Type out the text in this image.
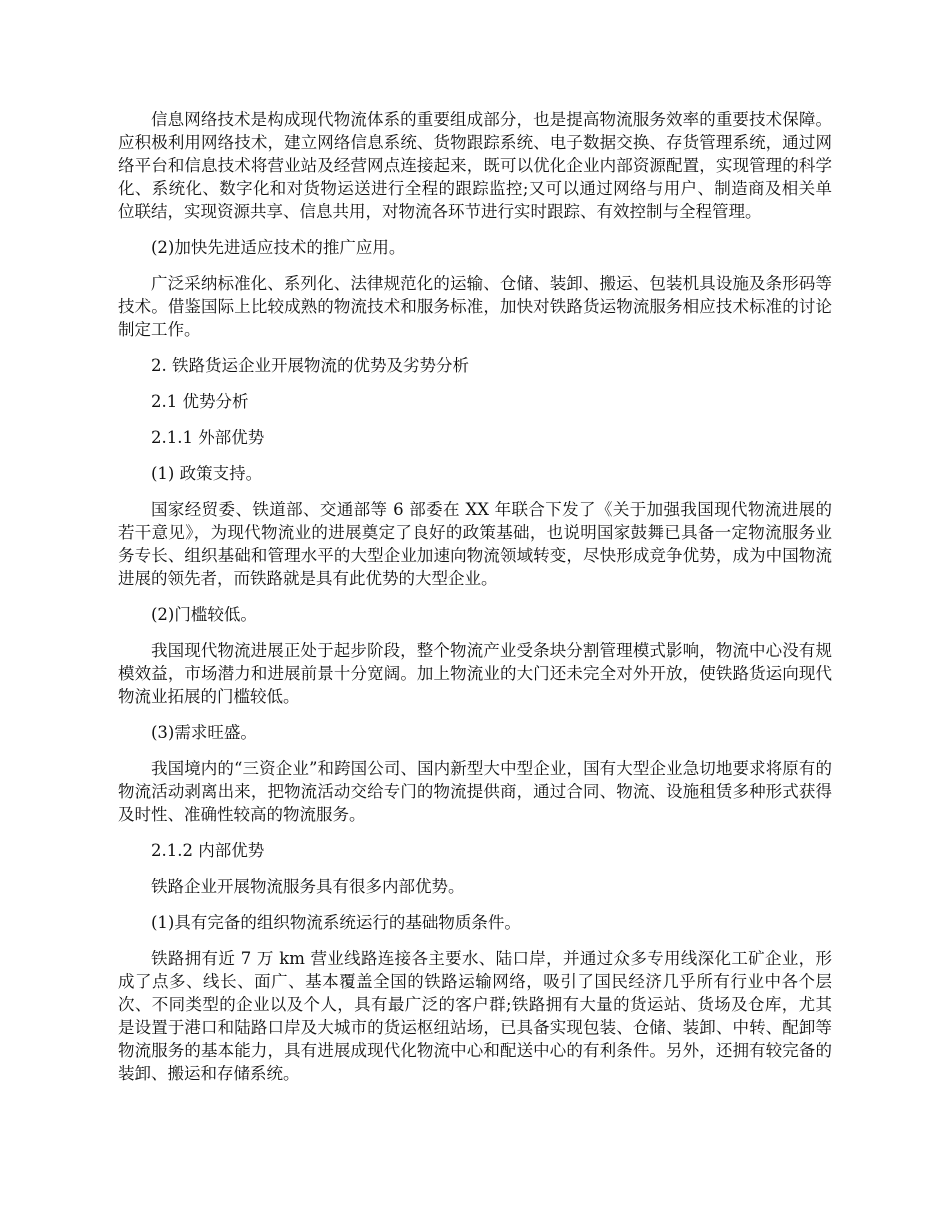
信息网络技术是构成现代物流体系的重要组成部分，也是提高物流服务效率的重要技术保障。应积极利用网络技术，建立网络信息系统、货物跟踪系统、电子数据交换、存货管理系统，通过网络平台和信息技术将营业站及经营网点连接起来，既可以优化企业内部资源配置，实现管理的科学化、系统化、数字化和对货物运送进行全程的跟踪监控;又可以通过网络与用户、制造商及相关单位联结，实现资源共享、信息共用，对物流各环节进行实时跟踪、有效控制与全程管理。

(2)加快先进适应技术的推广应用。

广泛采纳标准化、系列化、法律规范化的运输、仓储、装卸、搬运、包装机具设施及条形码等技术。借鉴国际上比较成熟的物流技术和服务标准，加快对铁路货运物流服务相应技术标准的讨论制定工作。

2. 铁路货运企业开展物流的优势及劣势分析

2.1 优势分析

2.1.1 外部优势

(1) 政策支持。

国家经贸委、铁道部、交通部等 6 部委在 XX 年联合下发了《关于加强我国现代物流进展的若干意见》，为现代物流业的进展奠定了良好的政策基础，也说明国家鼓舞已具备一定物流服务业务专长、组织基础和管理水平的大型企业加速向物流领域转变，尽快形成竞争优势，成为中国物流进展的领先者，而铁路就是具有此优势的大型企业。

(2)门槛较低。

我国现代物流进展正处于起步阶段，整个物流产业受条块分割管理模式影响，物流中心没有规模效益，市场潜力和进展前景十分宽阔。加上物流业的大门还未完全对外开放，使铁路货运向现代物流业拓展的门槛较低。

(3)需求旺盛。

我国境内的“三资企业”和跨国公司、国内新型大中型企业，国有大型企业急切地要求将原有的物流活动剥离出来，把物流活动交给专门的物流提供商，通过合同、物流、设施租赁多种形式获得及时性、准确性较高的物流服务。

2.1.2 内部优势

铁路企业开展物流服务具有很多内部优势。

(1)具有完备的组织物流系统运行的基础物质条件。

铁路拥有近 7 万 km 营业线路连接各主要水、陆口岸，并通过众多专用线深化工矿企业，形成了点多、线长、面广、基本覆盖全国的铁路运输网络，吸引了国民经济几乎所有行业中各个层次、不同类型的企业以及个人，具有最广泛的客户群;铁路拥有大量的货运站、货场及仓库，尤其是设置于港口和陆路口岸及大城市的货运枢纽站场，已具备实现包装、仓储、装卸、中转、配卸等物流服务的基本能力，具有进展成现代化物流中心和配送中心的有利条件。另外，还拥有较完备的装卸、搬运和存储系统。
